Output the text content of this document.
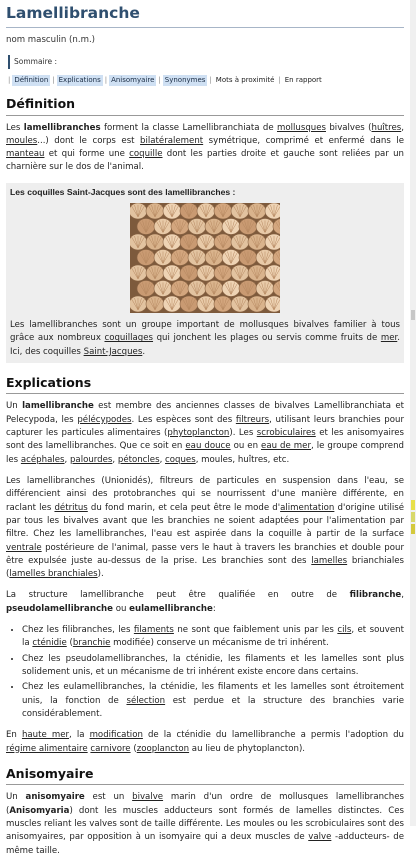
Lamellibranche
nom masculin (n.m.)
Sommaire :
| Définition | Explications | Anisomyaire | Synonymes | Mots à proximité | En rapport
Définition

Les lamellibranches forment la classe Lamellibranchiata de mollusques bivalves (huîtres, moules...) dont le corps est bilatéralement symétrique, comprimé et enfermé dans le manteau et qui forme une coquille dont les parties droite et gauche sont reliées par un charnière sur le dos de l'animal.

Les coquilles Saint-Jacques sont des lamellibranches :

Les lamellibranches sont un groupe important de mollusques bivalves familier à tous grâce aux nombreux coquillages qui jonchent les plages ou servis comme fruits de mer. Ici, des coquilles Saint-Jacques.

Explications

Un lamellibranche est membre des anciennes classes de bivalves Lamellibranchiata et Pelecypoda, les pélécypodes. Les espèces sont des filtreurs, utilisant leurs branchies pour capturer les particules alimentaires (phytoplancton). Les scrobiculaires et les anisomyaires sont des lamellibranches. Que ce soit en eau douce ou en eau de mer, le groupe comprend les acéphales, palourdes, pétoncles, coques, moules, huîtres, etc.

Les lamellibranches (Unionidés), filtreurs de particules en suspension dans l'eau, se différencient ainsi des protobranches qui se nourrissent d'une manière différente, en raclant les détritus du fond marin, et cela peut être le mode d'alimentation d'origine utilisé par tous les bivalves avant que les branchies ne soient adaptées pour l'alimentation par filtre. Chez les lamellibranches, l'eau est aspirée dans la coquille à partir de la surface ventrale postérieure de l'animal, passe vers le haut à travers les branchies et double pour être expulsée juste au-dessus de la prise. Les branchies sont des lamelles brianchiales (lamelles branchiales).

La structure lamellibranche peut être qualifiée en outre de filibranche, pseudolamellibranche ou eulamellibranche:

• Chez les filibranches, les filaments ne sont que faiblement unis par les cils, et souvent la cténidie (branchie modifiée) conserve un mécanisme de tri inhérent.
• Chez les pseudolamellibranches, la cténidie, les filaments et les lamelles sont plus solidement unis, et un mécanisme de tri inhérent existe encore dans certains.
• Chez les eulamellibranches, la cténidie, les filaments et les lamelles sont étroitement unis, la fonction de sélection est perdue et la structure des branchies varie considérablement.

En haute mer, la modification de la cténidie du lamellibranche a permis l'adoption du régime alimentaire carnivore (zooplancton au lieu de phytoplancton).

Anisomyaire

Un anisomyaire est un bivalve marin d'un ordre de mollusques lamellibranches (Anisomyaria) dont les muscles adducteurs sont formés de lamelles distinctes. Ces muscles reliant les valves sont de taille différente. Les moules ou les scrobiculaires sont des anisomyaires, par opposition à un isomyaire qui a deux muscles de valve -adducteurs- de même taille.
